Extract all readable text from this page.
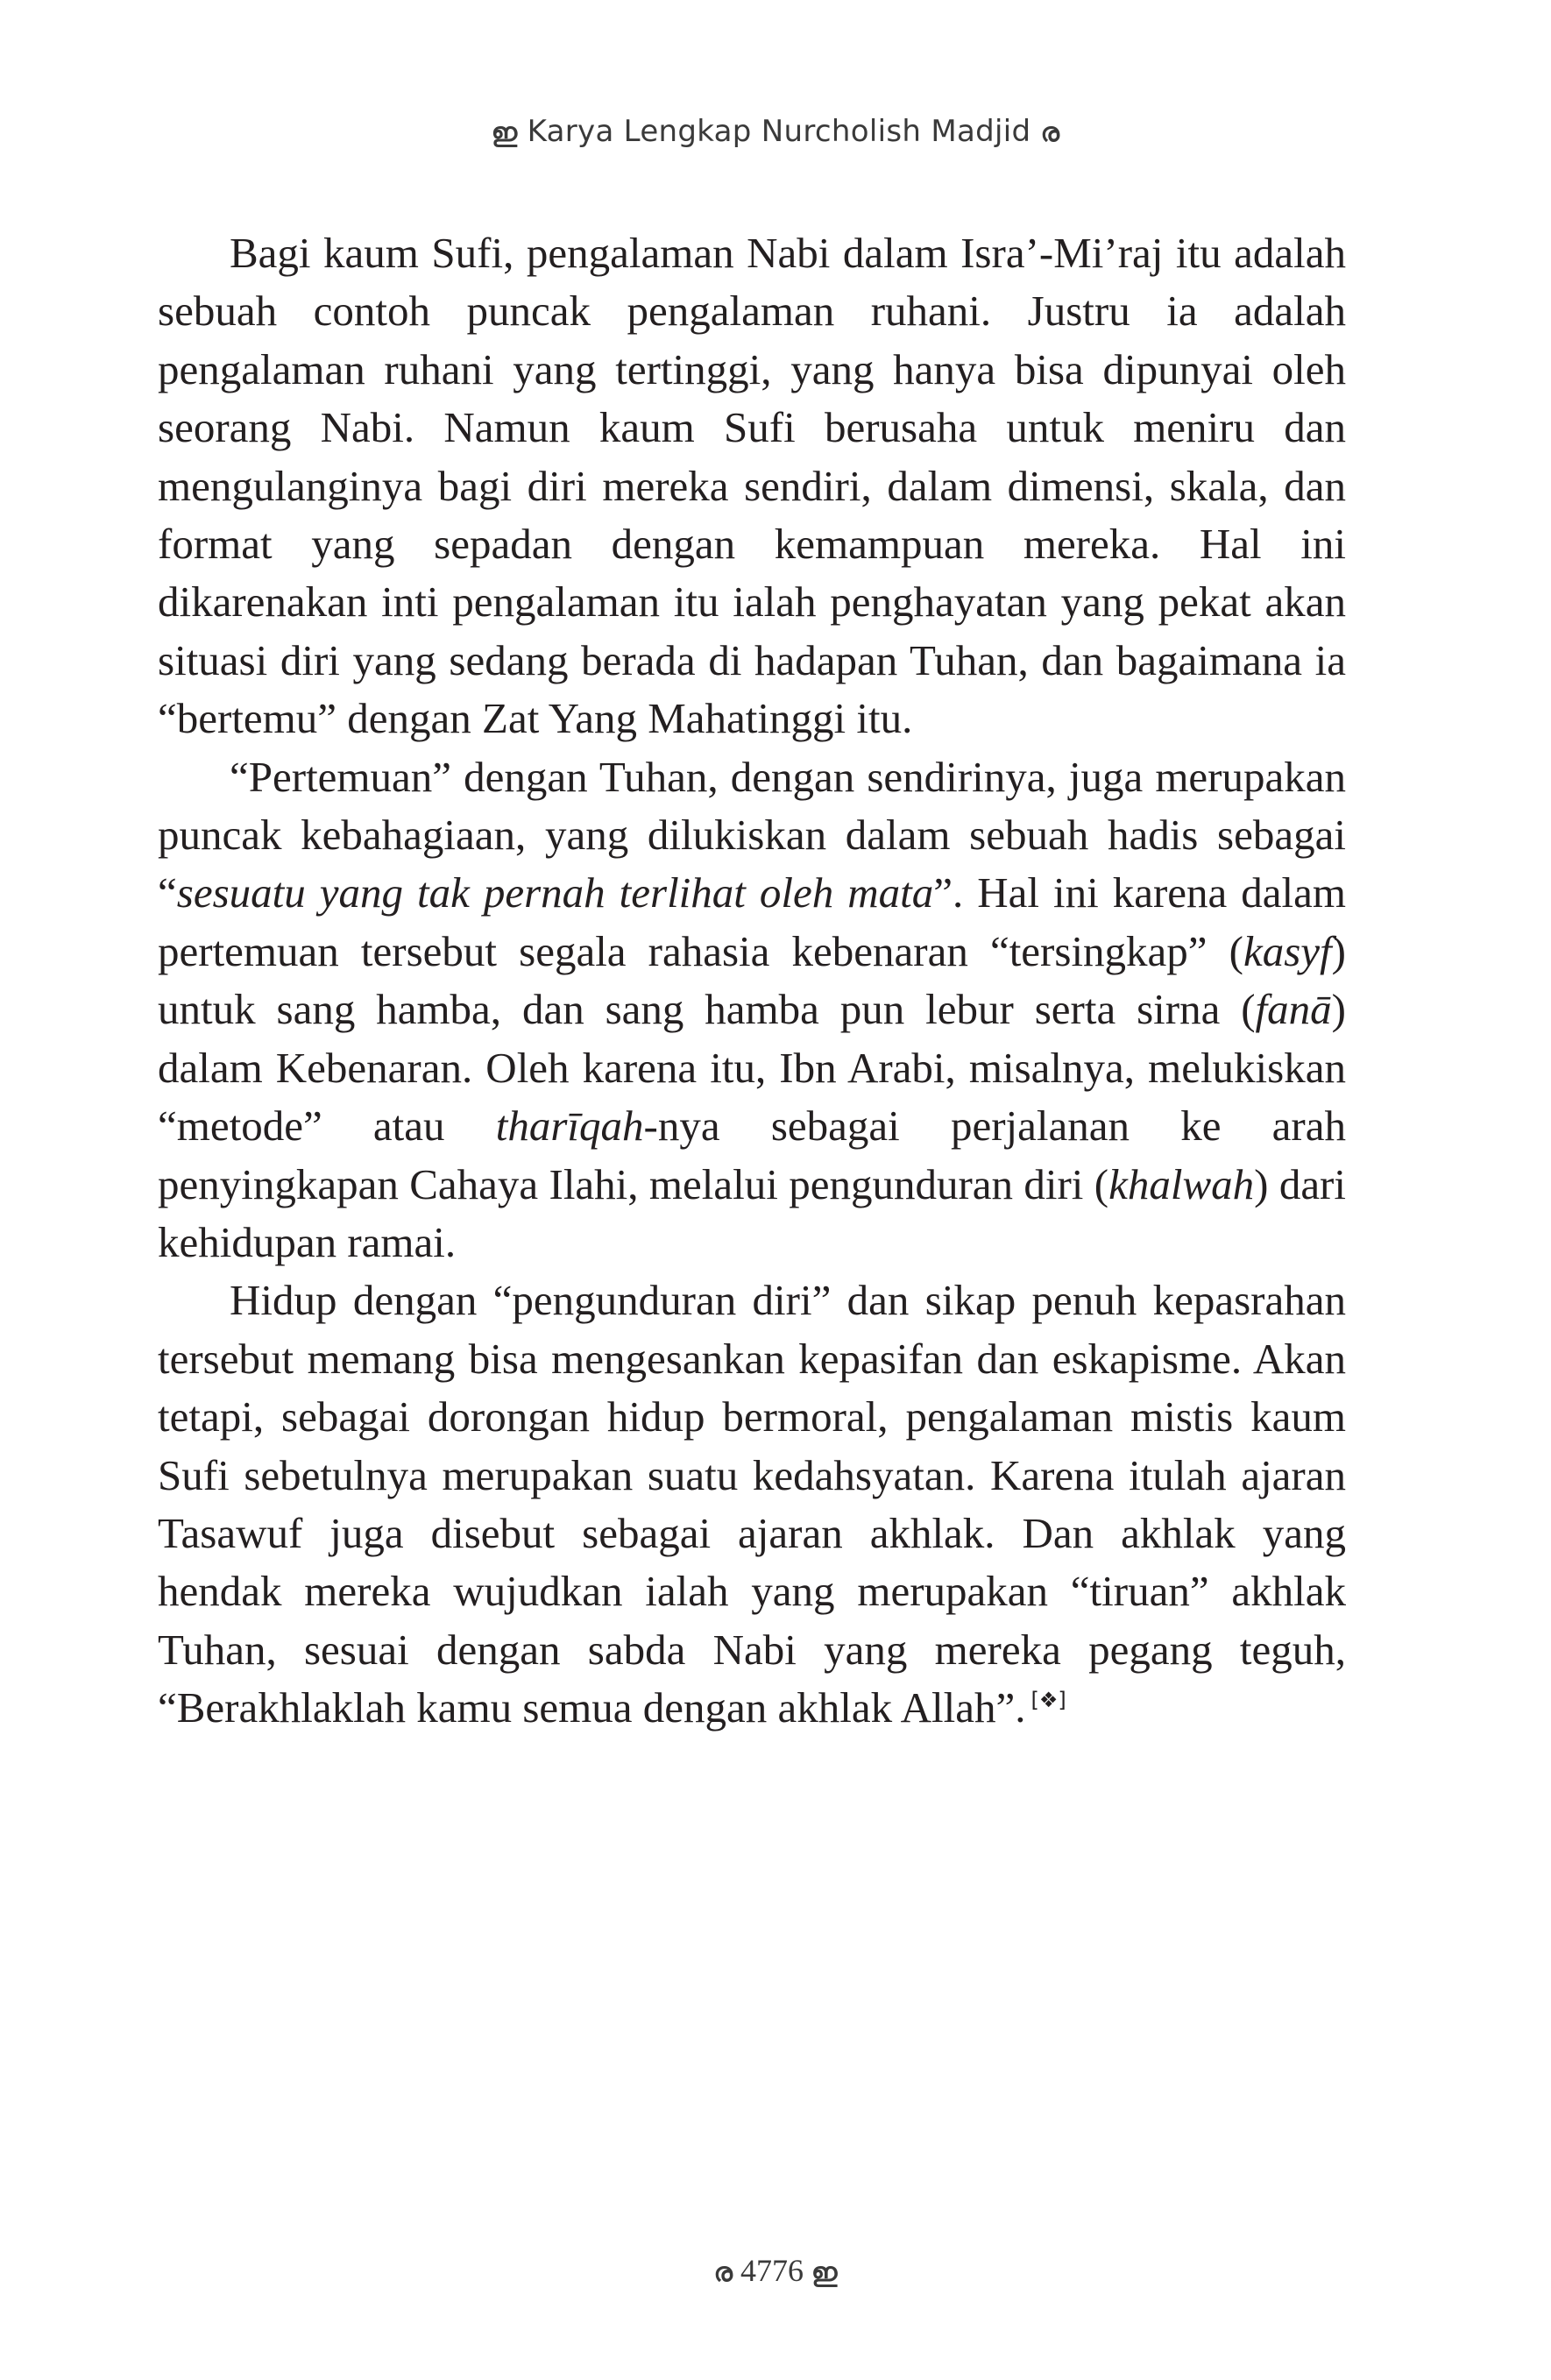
ഇ Karya Lengkap Nurcholish Madjid ര

Bagi kaum Sufi, pengalaman Nabi dalam Isra’-Mi’raj itu adalah sebuah contoh puncak pengalaman ruhani. Justru ia adalah pengalaman ruhani yang tertinggi, yang hanya bisa dipunyai oleh seorang Nabi. Namun kaum Sufi berusaha untuk meniru dan mengulanginya bagi diri mereka sendiri, dalam dimensi, skala, dan format yang sepadan dengan kemampuan mereka. Hal ini dikarenakan inti pengalaman itu ialah penghayatan yang pekat akan situasi diri yang sedang berada di hadapan Tuhan, dan bagaimana ia “bertemu” dengan Zat Yang Mahatinggi itu.

“Pertemuan” dengan Tuhan, dengan sendirinya, juga merupakan puncak kebahagiaan, yang dilukiskan dalam sebuah hadis sebagai “sesuatu yang tak pernah terlihat oleh mata”. Hal ini karena dalam pertemuan tersebut segala rahasia kebenaran “tersingkap” (kasyf) untuk sang hamba, dan sang hamba pun lebur serta sirna (fanā) dalam Kebenaran. Oleh karena itu, Ibn Arabi, misalnya, melukiskan “metode” atau tharīqah-nya sebagai perjalanan ke arah penyingkapan Cahaya Ilahi, melalui pengunduran diri (khalwah) dari kehidupan ramai.

Hidup dengan “pengunduran diri” dan sikap penuh kepasrahan tersebut memang bisa mengesankan kepasifan dan eskapisme. Akan tetapi, sebagai dorongan hidup bermoral, pengalaman mistis kaum Sufi sebetulnya merupakan suatu kedahsyatan. Karena itulah ajaran Tasawuf juga disebut sebagai ajaran akhlak. Dan akhlak yang hendak mereka wujudkan ialah yang merupakan “tiruan” akhlak Tuhan, sesuai dengan sabda Nabi yang mereka pegang teguh, “Berakhlaklah kamu semua dengan akhlak Allah”. [❖]

ര 4776 ഇ
